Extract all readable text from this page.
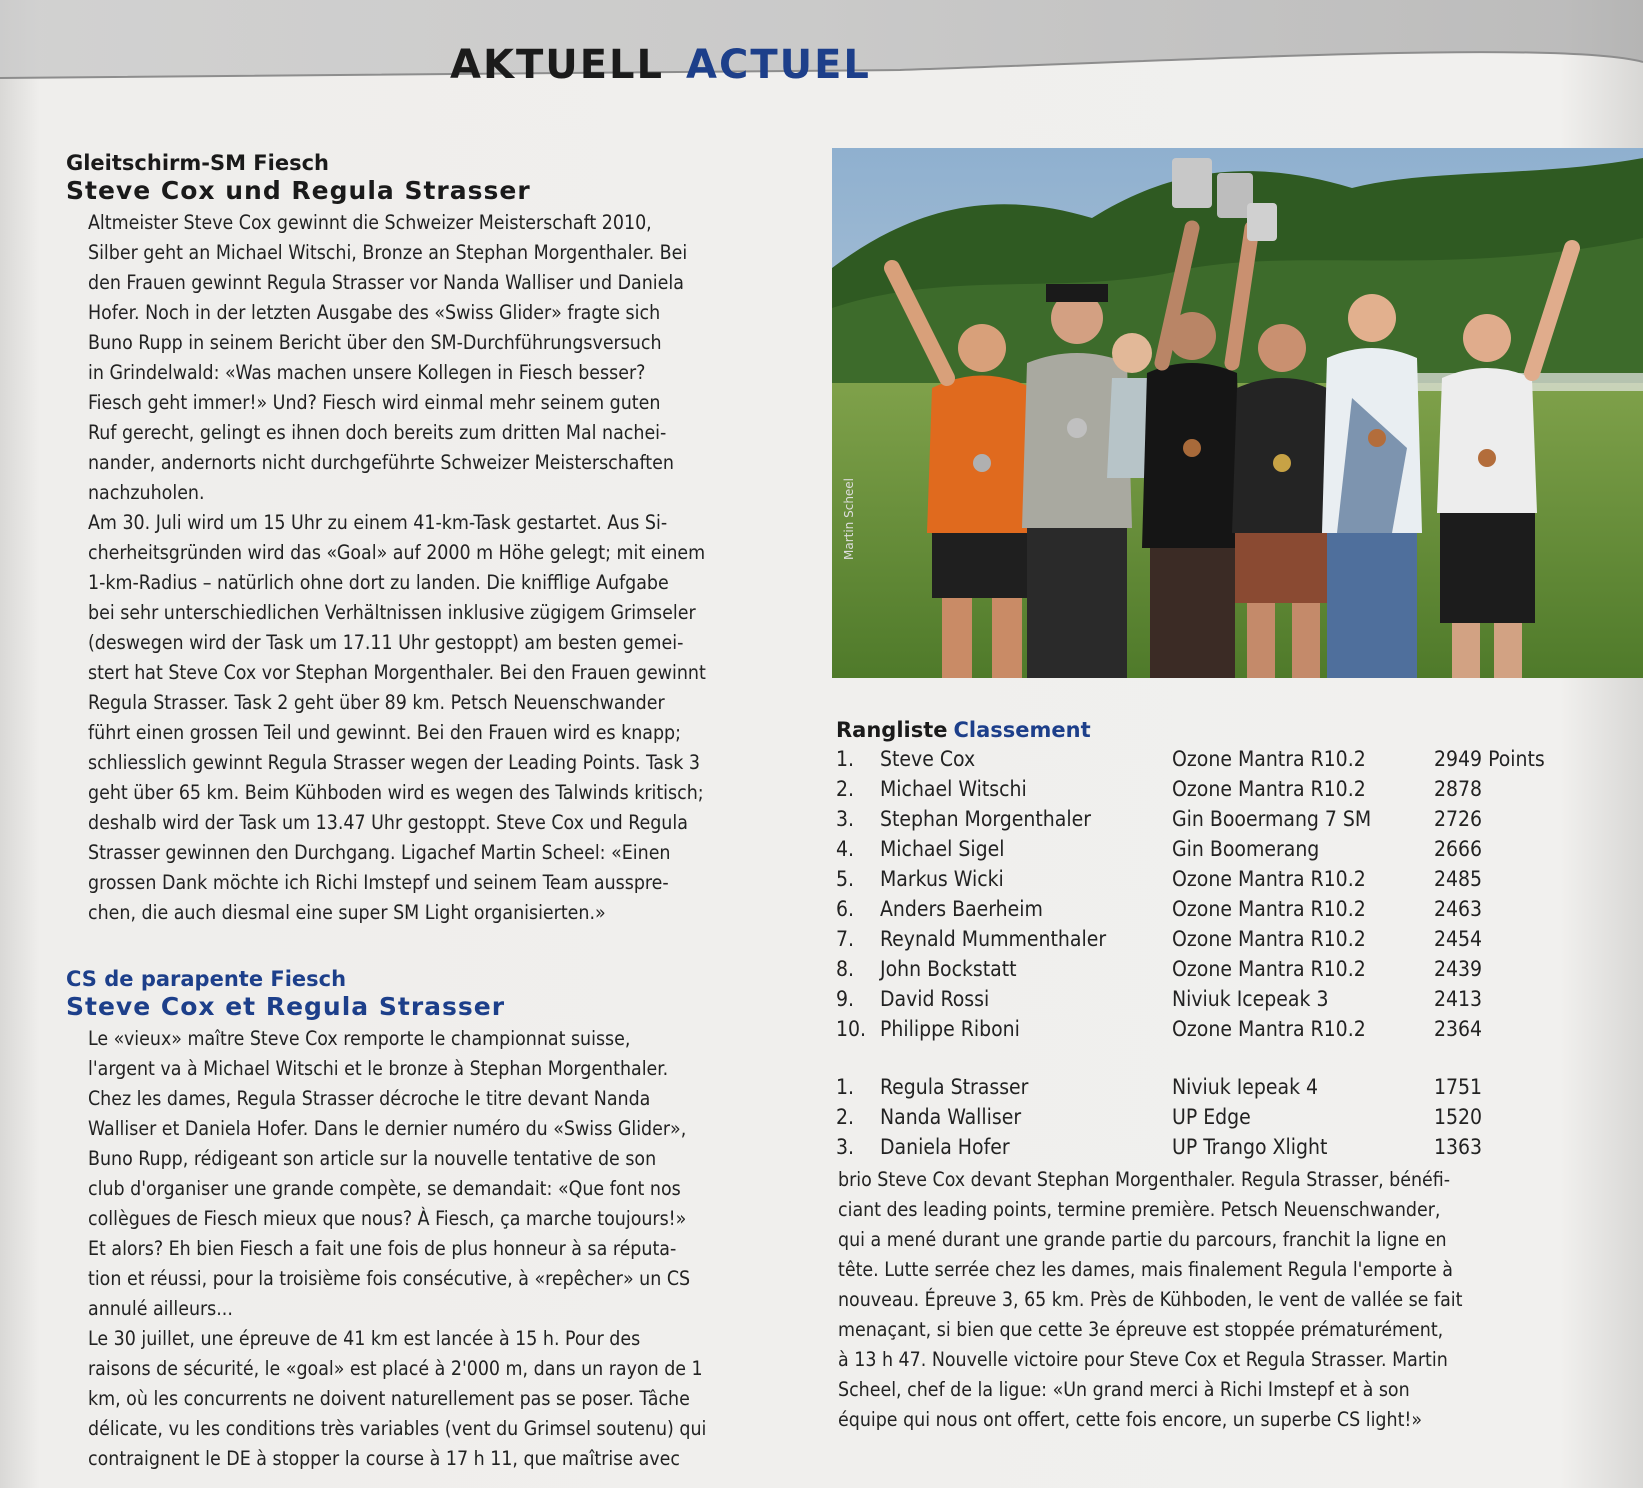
AKTUELL ACTUEL
Gleitschirm-SM Fiesch
Steve Cox und Regula Strasser

Altmeister Steve Cox gewinnt die Schweizer Meisterschaft 2010,
Silber geht an Michael Witschi, Bronze an Stephan Morgenthaler. Bei
den Frauen gewinnt Regula Strasser vor Nanda Walliser und Daniela
Hofer. Noch in der letzten Ausgabe des «Swiss Glider» fragte sich
Buno Rupp in seinem Bericht über den SM-Durchführungsversuch
in Grindelwald: «Was machen unsere Kollegen in Fiesch besser?
Fiesch geht immer!» Und? Fiesch wird einmal mehr seinem guten
Ruf gerecht, gelingt es ihnen doch bereits zum dritten Mal nachei-
nander, andernorts nicht durchgeführte Schweizer Meisterschaften
nachzuholen.

Am 30. Juli wird um 15 Uhr zu einem 41-km-Task gestartet. Aus Si-
cherheitsgründen wird das «Goal» auf 2000 m Höhe gelegt; mit einem
1-km-Radius – natürlich ohne dort zu landen. Die knifflige Aufgabe
bei sehr unterschiedlichen Verhältnissen inklusive zügigem Grimseler
(deswegen wird der Task um 17.11 Uhr gestoppt) am besten gemei-
stert hat Steve Cox vor Stephan Morgenthaler. Bei den Frauen gewinnt
Regula Strasser. Task 2 geht über 89 km. Petsch Neuenschwander
führt einen grossen Teil und gewinnt. Bei den Frauen wird es knapp;
schliesslich gewinnt Regula Strasser wegen der Leading Points. Task 3
geht über 65 km. Beim Kühboden wird es wegen des Talwinds kritisch;
deshalb wird der Task um 13.47 Uhr gestoppt. Steve Cox und Regula
Strasser gewinnen den Durchgang. Ligachef Martin Scheel: «Einen
grossen Dank möchte ich Richi Imstepf und seinem Team ausspre-
chen, die auch diesmal eine super SM Light organisierten.»

CS de parapente Fiesch
Steve Cox et Regula Strasser

Le «vieux» maître Steve Cox remporte le championnat suisse,
l'argent va à Michael Witschi et le bronze à Stephan Morgenthaler.
Chez les dames, Regula Strasser décroche le titre devant Nanda
Walliser et Daniela Hofer. Dans le dernier numéro du «Swiss Glider»,
Buno Rupp, rédigeant son article sur la nouvelle tentative de son
club d'organiser une grande compète, se demandait: «Que font nos
collègues de Fiesch mieux que nous? À Fiesch, ça marche toujours!»
Et alors? Eh bien Fiesch a fait une fois de plus honneur à sa réputa-
tion et réussi, pour la troisième fois consécutive, à «repêcher» un CS
annulé ailleurs...

Le 30 juillet, une épreuve de 41 km est lancée à 15 h. Pour des
raisons de sécurité, le «goal» est placé à 2'000 m, dans un rayon de 1
km, où les concurrents ne doivent naturellement pas se poser. Tâche
délicate, vu les conditions très variables (vent du Grimsel soutenu) qui
contraignent le DE à stopper la course à 17 h 11, que maîtrise avec

Martin Scheel
Rangliste Classement
1.	Steve Cox	Ozone Mantra R10.2	2949 Points
2.	Michael Witschi	Ozone Mantra R10.2	2878
3.	Stephan Morgenthaler	Gin Booermang 7 SM	2726
4.	Michael Sigel	Gin Boomerang	2666
5.	Markus Wicki	Ozone Mantra R10.2	2485
6.	Anders Baerheim	Ozone Mantra R10.2	2463
7.	Reynald Mummenthaler	Ozone Mantra R10.2	2454
8.	John Bockstatt	Ozone Mantra R10.2	2439
9.	David Rossi	Niviuk Icepeak 3	2413
10.	Philippe Riboni	Ozone Mantra R10.2	2364

1.	Regula Strasser	Niviuk Iepeak 4	1751
2.	Nanda Walliser	UP Edge	1520
3.	Daniela Hofer	UP Trango Xlight	1363

brio Steve Cox devant Stephan Morgenthaler. Regula Strasser, bénéfi-
ciant des leading points, termine première. Petsch Neuenschwander,
qui a mené durant une grande partie du parcours, franchit la ligne en
tête. Lutte serrée chez les dames, mais finalement Regula l'emporte à
nouveau. Épreuve 3, 65 km. Près de Kühboden, le vent de vallée se fait
menaçant, si bien que cette 3e épreuve est stoppée prématurément,
à 13 h 47. Nouvelle victoire pour Steve Cox et Regula Strasser. Martin
Scheel, chef de la ligue: «Un grand merci à Richi Imstepf et à son
équipe qui nous ont offert, cette fois encore, un superbe CS light!»
